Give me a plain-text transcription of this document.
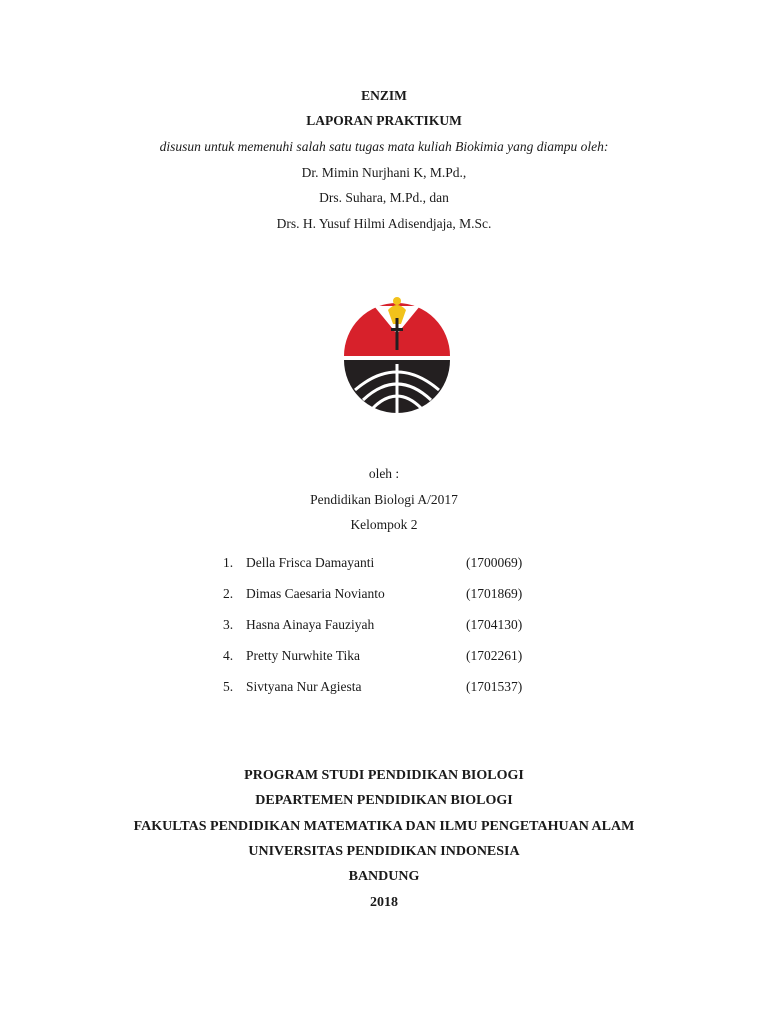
ENZIM
LAPORAN PRAKTIKUM
disusun untuk memenuhi salah satu tugas mata kuliah Biokimia yang diampu oleh:
Dr. Mimin Nurjhani K, M.Pd.,
Drs. Suhara, M.Pd., dan
Drs. H. Yusuf Hilmi Adisendjaja, M.Sc.
oleh :
Pendidikan Biologi A/2017
Kelompok 2
1. Della Frisca Damayanti	(1700069)
2. Dimas Caesaria Novianto	(1701869)
3. Hasna Ainaya Fauziyah	(1704130)
4. Pretty Nurwhite Tika	(1702261)
5. Sivtyana Nur Agiesta	(1701537)
PROGRAM STUDI PENDIDIKAN BIOLOGI
DEPARTEMEN PENDIDIKAN BIOLOGI
FAKULTAS PENDIDIKAN MATEMATIKA DAN ILMU PENGETAHUAN ALAM
UNIVERSITAS PENDIDIKAN INDONESIA
BANDUNG
2018
